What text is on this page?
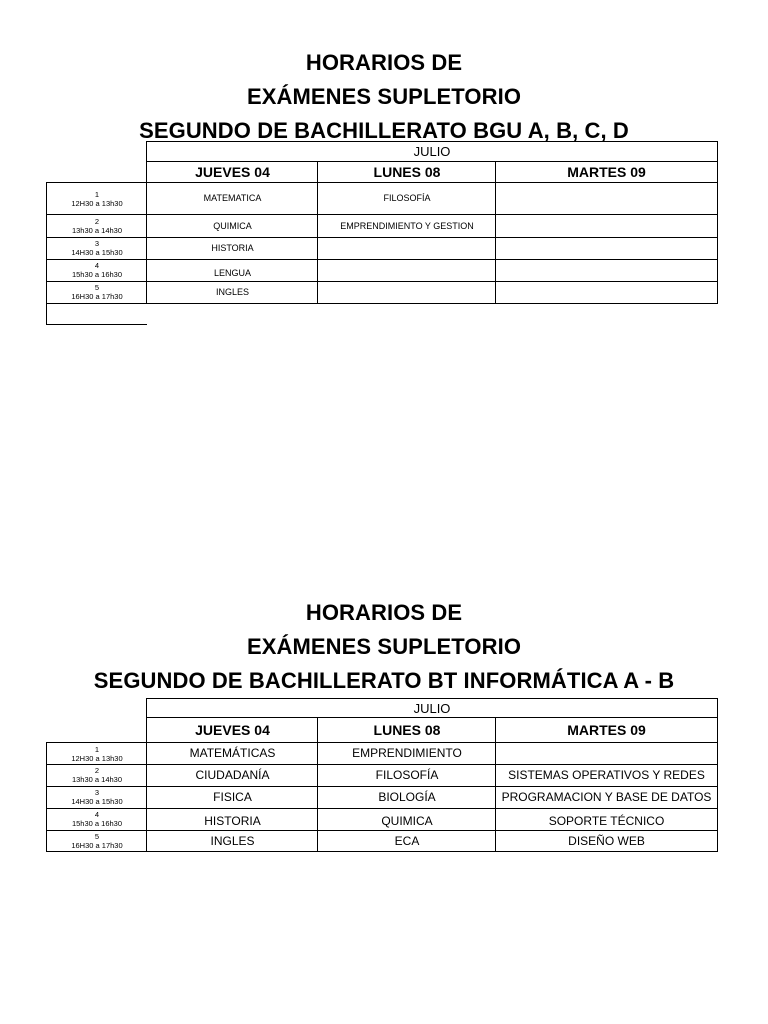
HORARIOS DE
EXÁMENES SUPLETORIO
SEGUNDO DE BACHILLERATO BGU A, B, C, D
JULIO
JUEVES 04	LUNES 08	MARTES 09
1
12H30 a 13h30	MATEMATICA	FILOSOFÍA
2
13h30 a 14h30	QUIMICA	EMPRENDIMIENTO Y GESTION
3
14H30 a 15h30	HISTORIA
4
15h30 a 16h30	LENGUA
5
16H30 a 17h30	INGLES
HORARIOS DE
EXÁMENES SUPLETORIO
SEGUNDO DE BACHILLERATO BT INFORMÁTICA A - B
JULIO
JUEVES 04	LUNES 08	MARTES 09
1
12H30 a 13h30	MATEMÁTICAS	EMPRENDIMIENTO
2
13h30 a 14h30	CIUDADANÍA	FILOSOFÍA	SISTEMAS OPERATIVOS Y REDES
3
14H30 a 15h30	FISICA	BIOLOGÍA	PROGRAMACION Y BASE DE DATOS
4
15h30 a 16h30	HISTORIA	QUIMICA	SOPORTE TÉCNICO
5
16H30 a 17h30	INGLES	ECA	DISEÑO WEB
